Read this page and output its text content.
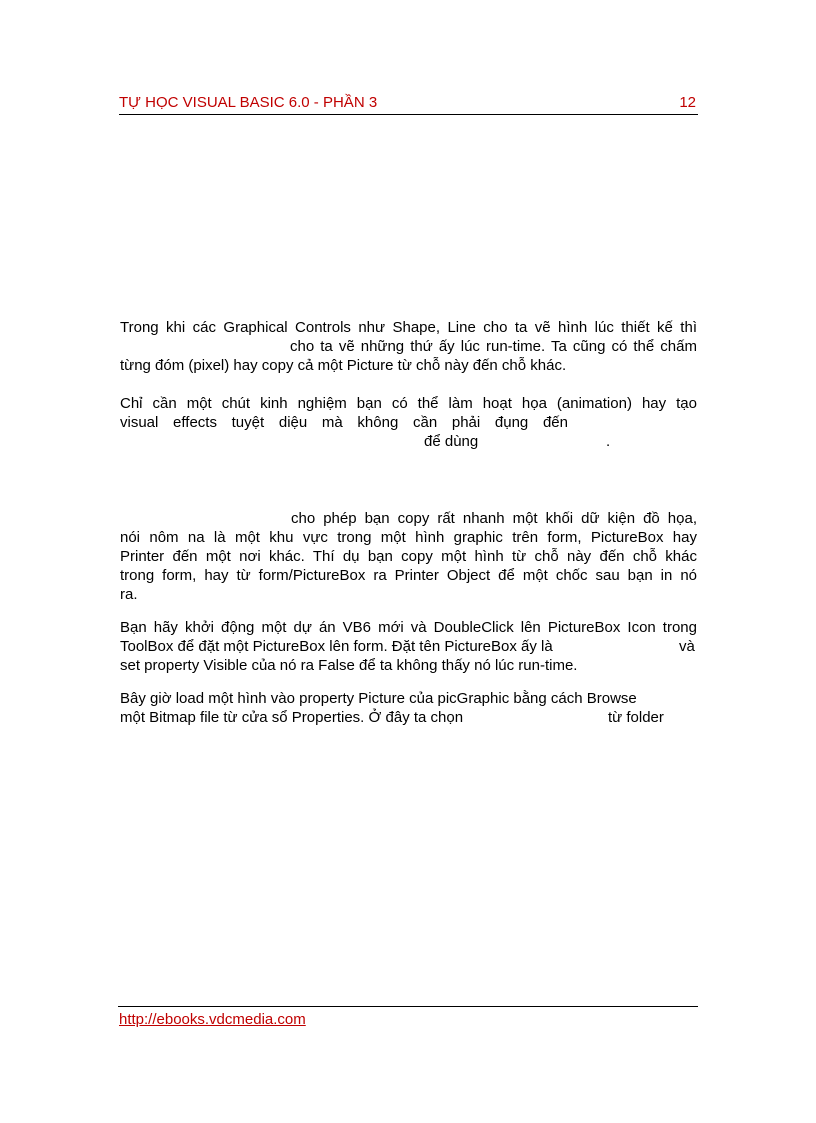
TỰ HỌC VISUAL BASIC 6.0 - PHẦN 3	12
Trong khi các Graphical Controls như Shape, Line cho ta vẽ hình lúc thiết kế thì
cho ta vẽ những thứ ấy lúc run-time. Ta cũng có thể chấm
từng đóm (pixel) hay copy cả một Picture từ chỗ này đến chỗ khác.
Chỉ cần một chút kinh nghiệm bạn có thể làm hoạt họa (animation) hay tạo
visual effects tuyệt diệu mà không cần phải đụng đến
để dùng	.
cho phép bạn copy rất nhanh một khối dữ kiện đồ họa,
nói nôm na là một khu vực trong một hình graphic trên form, PictureBox hay
Printer đến một nơi khác. Thí dụ bạn copy một hình từ chỗ này đến chỗ khác
trong form, hay từ form/PictureBox ra Printer Object để một chốc sau bạn in nó
ra.
Bạn hãy khởi động một dự án VB6 mới và DoubleClick lên PictureBox Icon trong
ToolBox để đặt một PictureBox lên form. Đặt tên PictureBox ấy là	và
set property Visible của nó ra False để ta không thấy nó lúc run-time.
Bây giờ load một hình vào property Picture của picGraphic bằng cách Browse
một Bitmap file từ cửa sổ Properties. Ở đây ta chọn	từ folder
http://ebooks.vdcmedia.com
